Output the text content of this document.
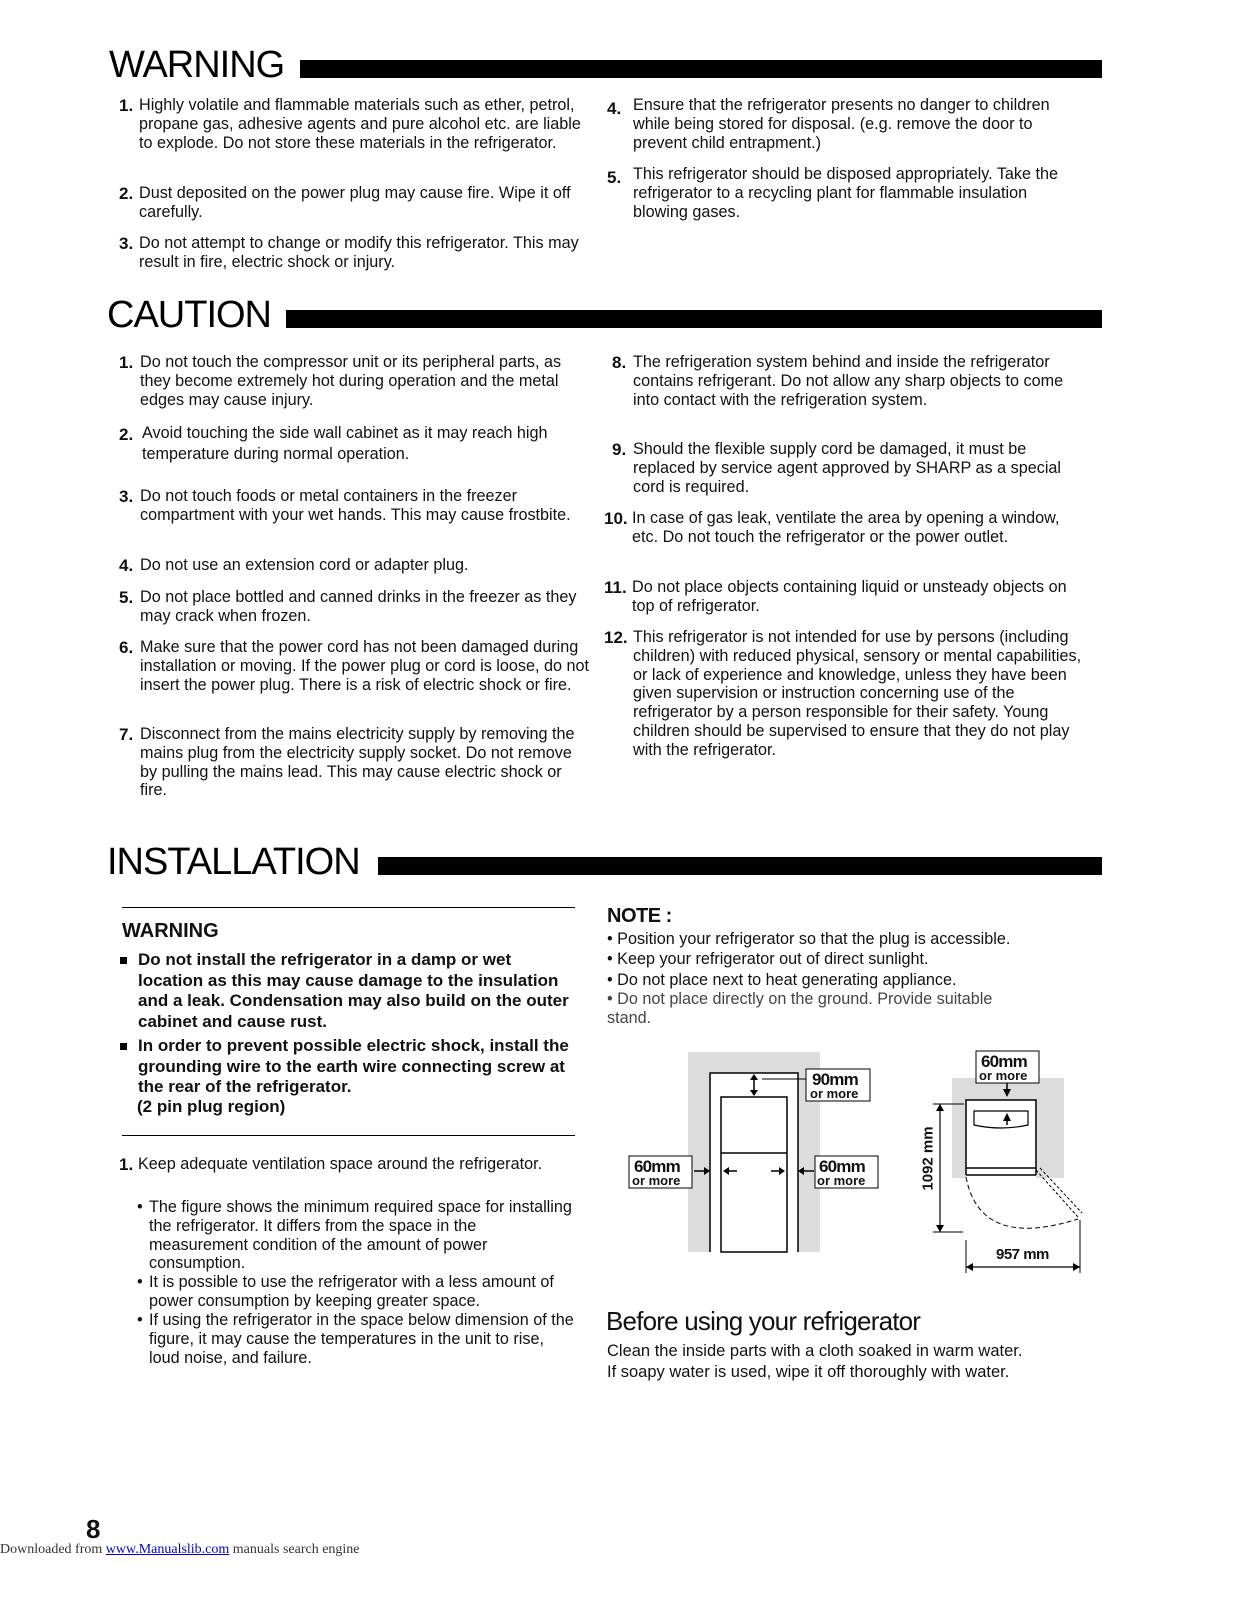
WARNING
1. Highly volatile and flammable materials such as ether, petrol, propane gas, adhesive agents and pure alcohol etc. are liable to explode. Do not store these materials in the refrigerator.
2. Dust deposited on the power plug may cause fire. Wipe it off carefully.
3. Do not attempt to change or modify this refrigerator. This may result in fire, electric shock or injury.
4. Ensure that the refrigerator presents no danger to children while being stored for disposal. (e.g. remove the door to prevent child entrapment.)
5. This refrigerator should be disposed appropriately. Take the refrigerator to a recycling plant for flammable insulation blowing gases.
CAUTION
1. Do not touch the compressor unit or its peripheral parts, as they become extremely hot during operation and the metal edges may cause injury.
2. Avoid touching the side wall cabinet as it may reach high temperature during normal operation.
3. Do not touch foods or metal containers in the freezer compartment with your wet hands. This may cause frostbite.
4. Do not use an extension cord or adapter plug.
5. Do not place bottled and canned drinks in the freezer as they may crack when frozen.
6. Make sure that the power cord has not been damaged during installation or moving. If the power plug or cord is loose, do not insert the power plug. There is a risk of electric shock or fire.
7. Disconnect from the mains electricity supply by removing the mains plug from the electricity supply socket. Do not remove by pulling the mains lead. This may cause electric shock or fire.
8. The refrigeration system behind and inside the refrigerator contains refrigerant. Do not allow any sharp objects to come into contact with the refrigeration system.
9. Should the flexible supply cord be damaged, it must be replaced by service agent approved by SHARP as a special cord is required.
10. In case of gas leak, ventilate the area by opening a window, etc. Do not touch the refrigerator or the power outlet.
11. Do not place objects containing liquid or unsteady objects on top of refrigerator.
12. This refrigerator is not intended for use by persons (including children) with reduced physical, sensory or mental capabilities, or lack of experience and knowledge, unless they have been given supervision or instruction concerning use of the refrigerator by a person responsible for their safety. Young children should be supervised to ensure that they do not play with the refrigerator.
INSTALLATION
WARNING
Do not install the refrigerator in a damp or wet location as this may cause damage to the insulation and a leak. Condensation may also build on the outer cabinet and cause rust.
In order to prevent possible electric shock, install the grounding wire to the earth wire connecting screw at the rear of the refrigerator.
(2 pin plug region)
1. Keep adequate ventilation space around the refrigerator.
• The figure shows the minimum required space for installing the refrigerator. It differs from the space in the measurement condition of the amount of power consumption.
• It is possible to use the refrigerator with a less amount of power consumption by keeping greater space.
• If using the refrigerator in the space below dimension of the figure, it may cause the temperatures in the unit to rise, loud noise, and failure.
NOTE :
• Position your refrigerator so that the plug is accessible.
• Keep your refrigerator out of direct sunlight.
• Do not place next to heat generating appliance.
• Do not place directly on the ground. Provide suitable stand.
90mm
or more
60mm
or more
60mm
or more
60mm
or more
1092 mm
957 mm
Before using your refrigerator
Clean the inside parts with a cloth soaked in warm water.
If soapy water is used, wipe it off thoroughly with water.
8
Downloaded from www.Manualslib.com manuals search engine
